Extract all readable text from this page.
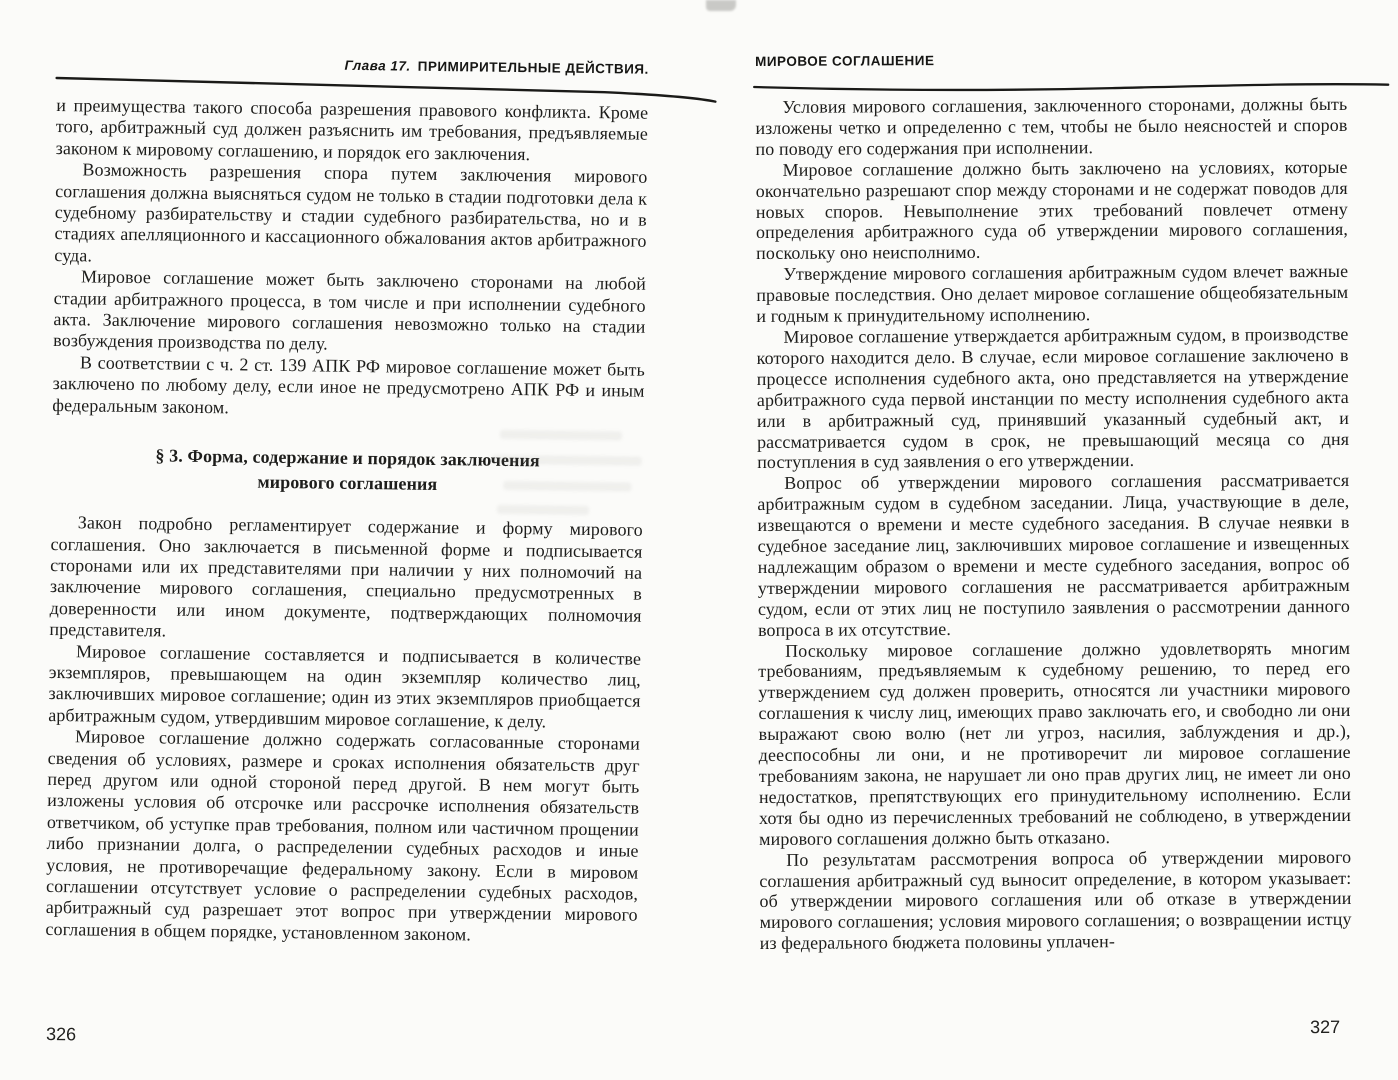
Глава 17. ПРИМИРИТЕЛЬНЫЕ ДЕЙСТВИЯ.

и преимущества такого способа разрешения правового конфликта. Кроме того, арбитражный суд должен разъяснить им требования, предъявляемые законом к мировому соглашению, и порядок его заключения.

Возможность разрешения спора путем заключения мирового соглашения должна выясняться судом не только в стадии подготовки дела к судебному разбирательству и стадии судебного разбирательства, но и в стадиях апелляционного и кассационного обжалования актов арбитражного суда.

Мировое соглашение может быть заключено сторонами на любой стадии арбитражного процесса, в том числе и при исполнении судебного акта. Заключение мирового соглашения невозможно только на стадии возбуждения производства по делу.

В соответствии с ч. 2 ст. 139 АПК РФ мировое соглашение может быть заключено по любому делу, если иное не предусмотрено АПК РФ и иным федеральным законом.

§ 3. Форма, содержание и порядок заключения
мирового соглашения

Закон подробно регламентирует содержание и форму мирового соглашения. Оно заключается в письменной форме и подписывается сторонами или их представителями при наличии у них полномочий на заключение мирового соглашения, специально предусмотренных в доверенности или ином документе, подтверждающих полномочия представителя.

Мировое соглашение составляется и подписывается в количестве экземпляров, превышающем на один экземпляр количество лиц, заключивших мировое соглашение; один из этих экземпляров приобщается арбитражным судом, утвердившим мировое соглашение, к делу.

Мировое соглашение должно содержать согласованные сторонами сведения об условиях, размере и сроках исполнения обязательств друг перед другом или одной стороной перед другой. В нем могут быть изложены условия об отсрочке или рассрочке исполнения обязательств ответчиком, об уступке прав требования, полном или частичном прощении либо признании долга, о распределении судебных расходов и иные условия, не противоречащие федеральному закону. Если в мировом соглашении отсутствует условие о распределении судебных расходов, арбитражный суд разрешает этот вопрос при утверждении мирового соглашения в общем порядке, установленном законом.

326
МИРОВОЕ СОГЛАШЕНИЕ

Условия мирового соглашения, заключенного сторонами, должны быть изложены четко и определенно с тем, чтобы не было неясностей и споров по поводу его содержания при исполнении.

Мировое соглашение должно быть заключено на условиях, которые окончательно разрешают спор между сторонами и не содержат поводов для новых споров. Невыполнение этих требований повлечет отмену определения арбитражного суда об утверждении мирового соглашения, поскольку оно неисполнимо.

Утверждение мирового соглашения арбитражным судом влечет важные правовые последствия. Оно делает мировое соглашение общеобязательным и годным к принудительному исполнению.

Мировое соглашение утверждается арбитражным судом, в производстве которого находится дело. В случае, если мировое соглашение заключено в процессе исполнения судебного акта, оно представляется на утверждение арбитражного суда первой инстанции по месту исполнения судебного акта или в арбитражный суд, принявший указанный судебный акт, и рассматривается судом в срок, не превышающий месяца со дня поступления в суд заявления о его утверждении.

Вопрос об утверждении мирового соглашения рассматривается арбитражным судом в судебном заседании. Лица, участвующие в деле, извещаются о времени и месте судебного заседания. В случае неявки в судебное заседание лиц, заключивших мировое соглашение и извещенных надлежащим образом о времени и месте судебного заседания, вопрос об утверждении мирового соглашения не рассматривается арбитражным судом, если от этих лиц не поступило заявления о рассмотрении данного вопроса в их отсутствие.

Поскольку мировое соглашение должно удовлетворять многим требованиям, предъявляемым к судебному решению, то перед его утверждением суд должен проверить, относятся ли участники мирового соглашения к числу лиц, имеющих право заключать его, и свободно ли они выражают свою волю (нет ли угроз, насилия, заблуждения и др.), дееспособны ли они, и не противоречит ли мировое соглашение требованиям закона, не нарушает ли оно прав других лиц, не имеет ли оно недостатков, препятствующих его принудительному исполнению. Если хотя бы одно из перечисленных требований не соблюдено, в утверждении мирового соглашения должно быть отказано.

По результатам рассмотрения вопроса об утверждении мирового соглашения арбитражный суд выносит определение, в котором указывает: об утверждении мирового соглашения или об отказе в утверждении мирового соглашения; условия мирового соглашения; о возвращении истцу из федерального бюджета половины уплачен-

327
